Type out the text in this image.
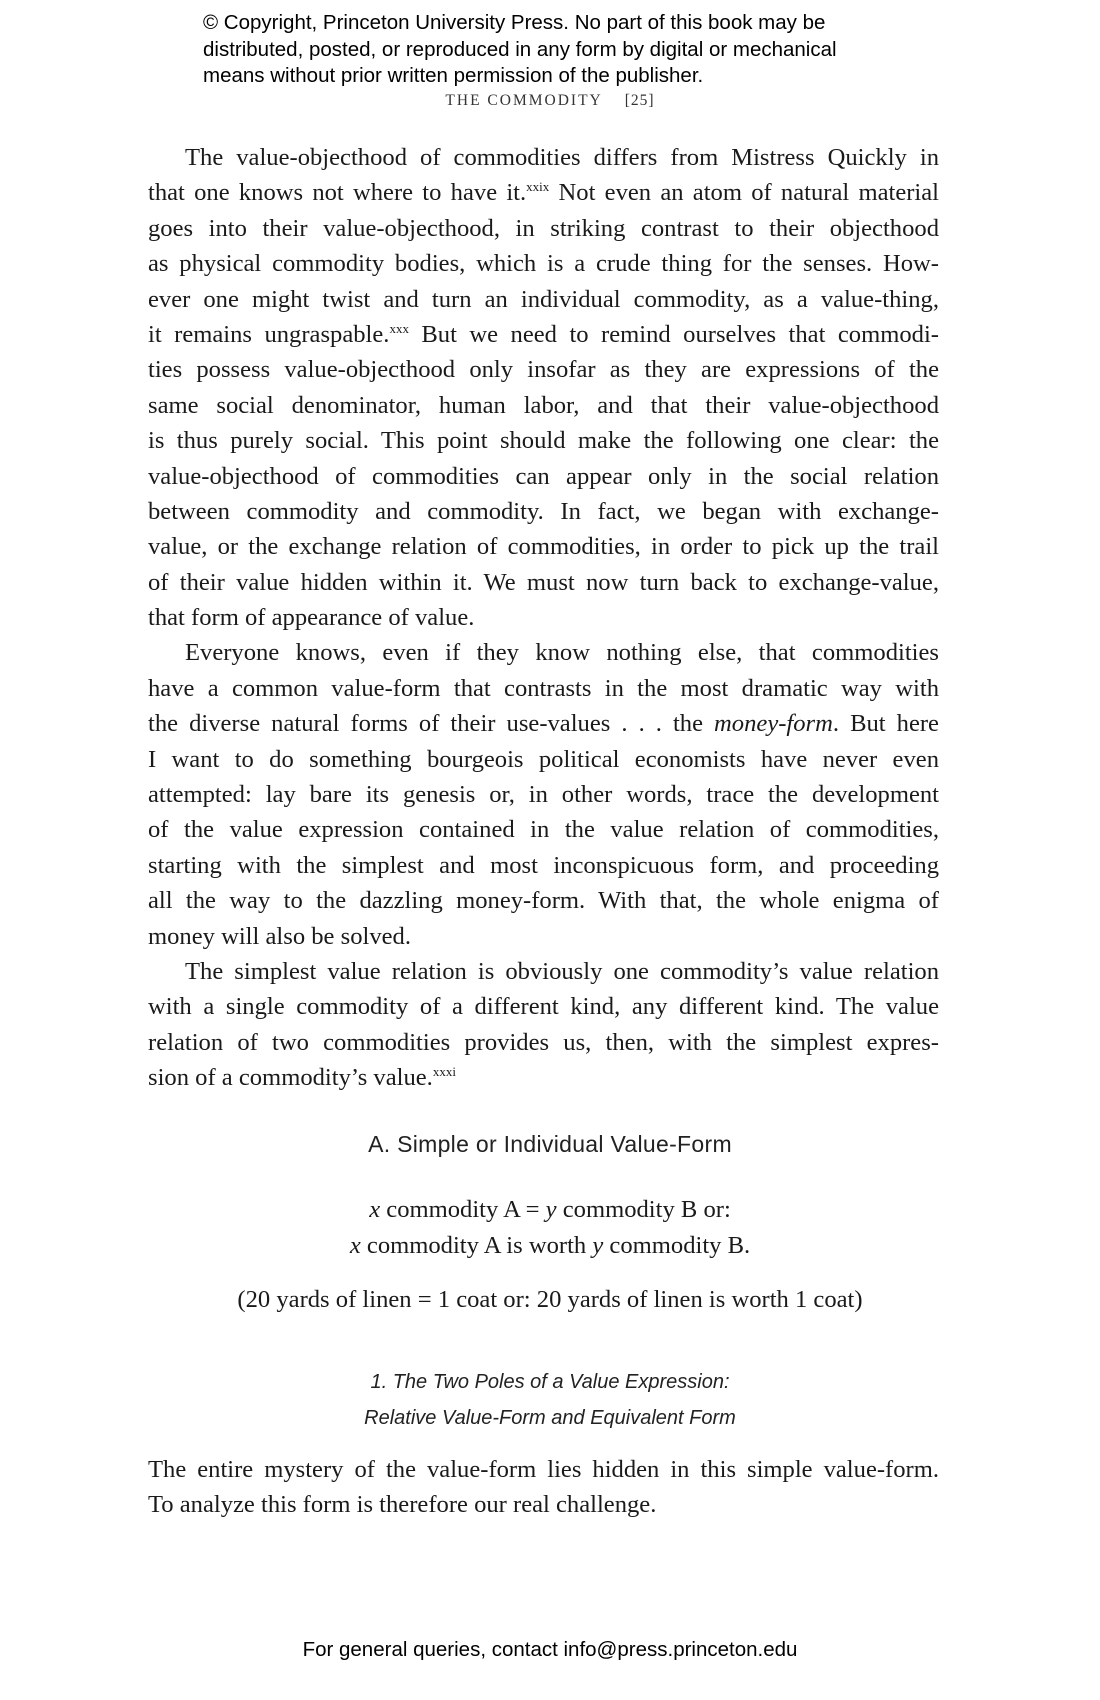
© Copyright, Princeton University Press. No part of this book may be
distributed, posted, or reproduced in any form by digital or mechanical
means without prior written permission of the publisher.
THE COMMODITY [25]
The value-objecthood of commodities differs from Mistress Quickly in
that one knows not where to have it.$^{xxix}$ Not even an atom of natural material
goes into their value-objecthood, in striking contrast to their objecthood
as physical commodity bodies, which is a crude thing for the senses. How-
ever one might twist and turn an individual commodity, as a value-thing,
it remains ungraspable.$^{xxx}$ But we need to remind ourselves that commodi-
ties possess value-objecthood only insofar as they are expressions of the
same social denominator, human labor, and that their value-objecthood
is thus purely social. This point should make the following one clear: the
value-objecthood of commodities can appear only in the social relation
between commodity and commodity. In fact, we began with exchange-
value, or the exchange relation of commodities, in order to pick up the trail
of their value hidden within it. We must now turn back to exchange-value,
that form of appearance of value.
Everyone knows, even if they know nothing else, that commodities
have a common value-form that contrasts in the most dramatic way with
the diverse natural forms of their use-values . . . the money-form. But here
I want to do something bourgeois political economists have never even
attempted: lay bare its genesis or, in other words, trace the development
of the value expression contained in the value relation of commodities,
starting with the simplest and most inconspicuous form, and proceeding
all the way to the dazzling money-form. With that, the whole enigma of
money will also be solved.
The simplest value relation is obviously one commodity’s value relation
with a single commodity of a different kind, any different kind. The value
relation of two commodities provides us, then, with the simplest expres-
sion of a commodity’s value.$^{xxxi}$
A. Simple or Individual Value-Form
x commodity A = y commodity B or:
x commodity A is worth y commodity B.
(20 yards of linen = 1 coat or: 20 yards of linen is worth 1 coat)
1. The Two Poles of a Value Expression:
Relative Value-Form and Equivalent Form
The entire mystery of the value-form lies hidden in this simple value-form.
To analyze this form is therefore our real challenge.
For general queries, contact info@press.princeton.edu
